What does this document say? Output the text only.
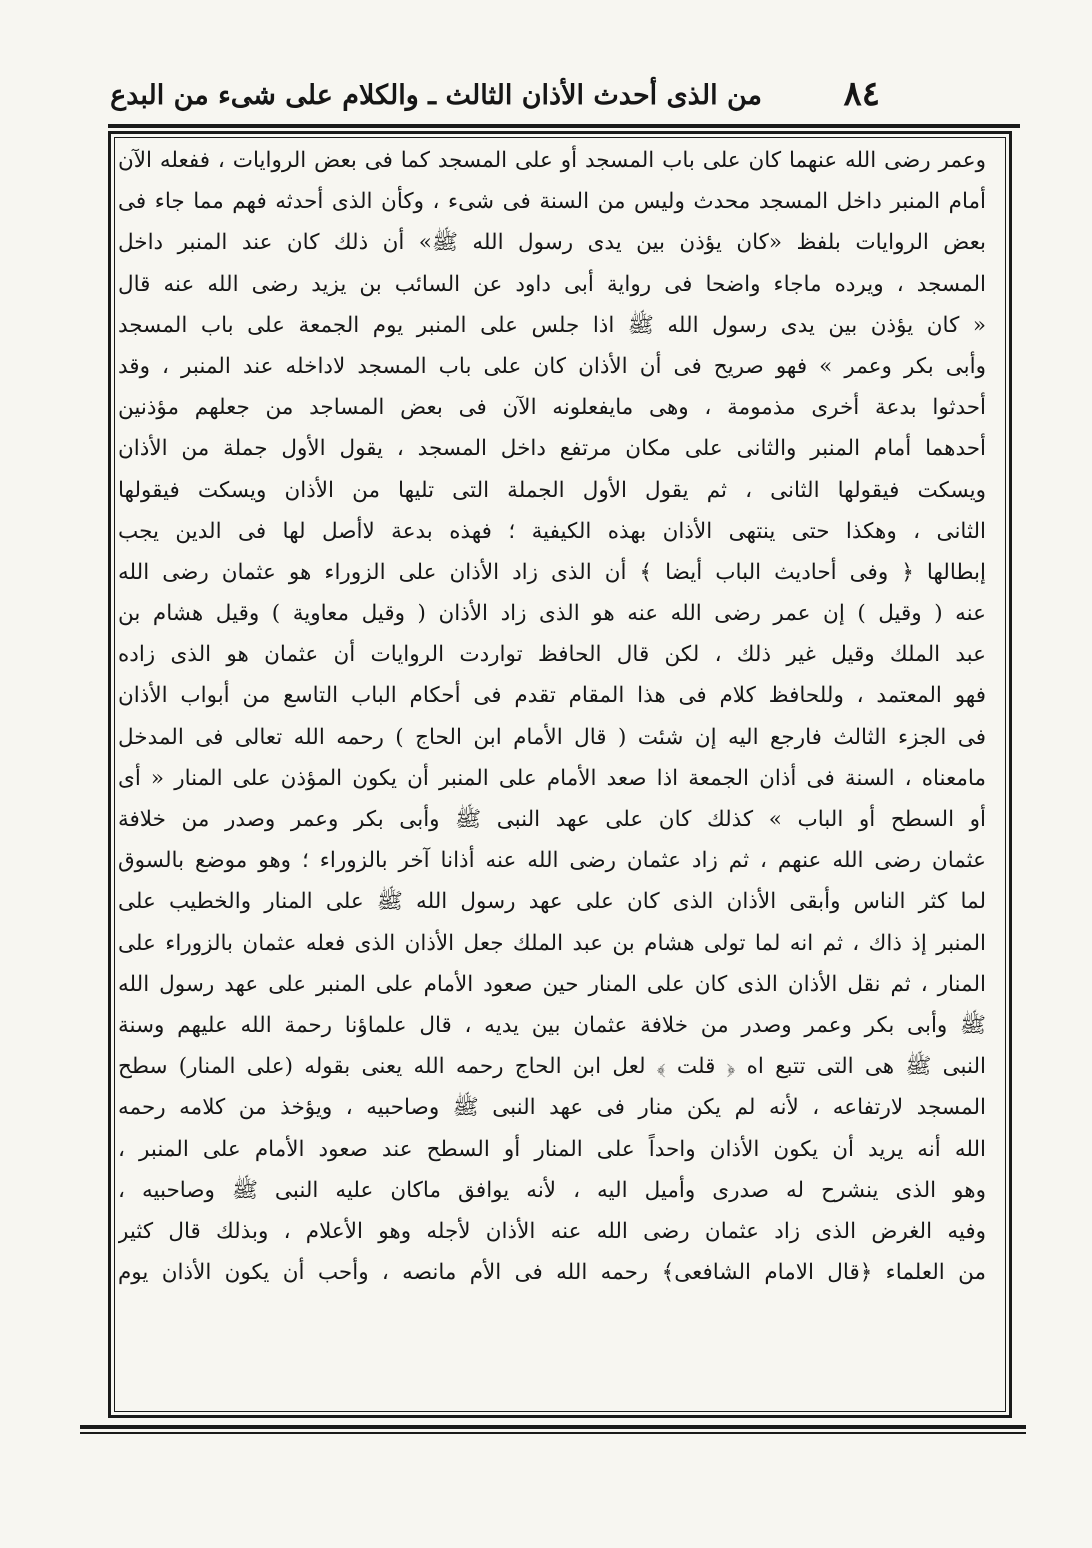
٨٤
من الذى أحدث الأذان الثالث ـ والكلام على شىء من البدع
وعمر رضى الله عنهما كان على باب المسجد أو على المسجد كما فى بعض الروايات ، ففعله الآن
أمام المنبر داخل المسجد محدث وليس من السنة فى شىء ، وكأن الذى أحدثه فهم مما جاء فى
بعض الروايات بلفظ «كان يؤذن بين يدى رسول الله ﷺ» أن ذلك كان عند المنبر داخل
المسجد ، ويرده ماجاء واضحا فى رواية أبى داود عن السائب بن يزيد رضى الله عنه قال
« كان يؤذن بين يدى رسول الله ﷺ اذا جلس على المنبر يوم الجمعة على باب المسجد
وأبى بكر وعمر » فهو صريح فى أن الأذان كان على باب المسجد لاداخله عند المنبر ، وقد
أحدثوا بدعة أخرى مذمومة ، وهى مايفعلونه الآن فى بعض المساجد من جعلهم مؤذنين
أحدهما أمام المنبر والثانى على مكان مرتفع داخل المسجد ، يقول الأول جملة من الأذان
ويسكت فيقولها الثانى ، ثم يقول الأول الجملة التى تليها من الأذان ويسكت فيقولها
الثانى ، وهكذا حتى ينتهى الأذان بهذه الكيفية ؛ فهذه بدعة لاأصل لها فى الدين يجب
إبطالها ﴿ وفى أحاديث الباب أيضا ﴾ أن الذى زاد الأذان على الزوراء هو عثمان رضى الله
عنه ( وقيل ) إن عمر رضى الله عنه هو الذى زاد الأذان ( وقيل معاوية ) وقيل هشام بن
عبد الملك وقيل غير ذلك ، لكن قال الحافظ تواردت الروايات أن عثمان هو الذى زاده
فهو المعتمد ، وللحافظ كلام فى هذا المقام تقدم فى أحكام الباب التاسع من أبواب الأذان
فى الجزء الثالث فارجع اليه إن شئت ( قال الأمام ابن الحاج ) رحمه الله تعالى فى المدخل
مامعناه ، السنة فى أذان الجمعة اذا صعد الأمام على المنبر أن يكون المؤذن على المنار « أى
أو السطح أو الباب » كذلك كان على عهد النبى ﷺ وأبى بكر وعمر وصدر من خلافة
عثمان رضى الله عنهم ، ثم زاد عثمان رضى الله عنه أذانا آخر بالزوراء ؛ وهو موضع بالسوق
لما كثر الناس وأبقى الأذان الذى كان على عهد رسول الله ﷺ على المنار والخطيب على
المنبر إذ ذاك ، ثم انه لما تولى هشام بن عبد الملك جعل الأذان الذى فعله عثمان بالزوراء على
المنار ، ثم نقل الأذان الذى كان على المنار حين صعود الأمام على المنبر على عهد رسول الله
ﷺ وأبى بكر وعمر وصدر من خلافة عثمان بين يديه ، قال علماؤنا رحمة الله عليهم وسنة
النبى ﷺ هى التى تتبع اه ﴿ قلت ﴾ لعل ابن الحاج رحمه الله يعنى بقوله (على المنار) سطح
المسجد لارتفاعه ، لأنه لم يكن منار فى عهد النبى ﷺ وصاحبيه ، ويؤخذ من كلامه رحمه
الله أنه يريد أن يكون الأذان واحداً على المنار أو السطح عند صعود الأمام على المنبر ،
وهو الذى ينشرح له صدرى وأميل اليه ، لأنه يوافق ماكان عليه النبى ﷺ وصاحبيه ،
وفيه الغرض الذى زاد عثمان رضى الله عنه الأذان لأجله وهو الأعلام ، وبذلك قال كثير
من العلماء ﴿قال الامام الشافعى﴾ رحمه الله فى الأم مانصه ، وأحب أن يكون الأذان يوم
